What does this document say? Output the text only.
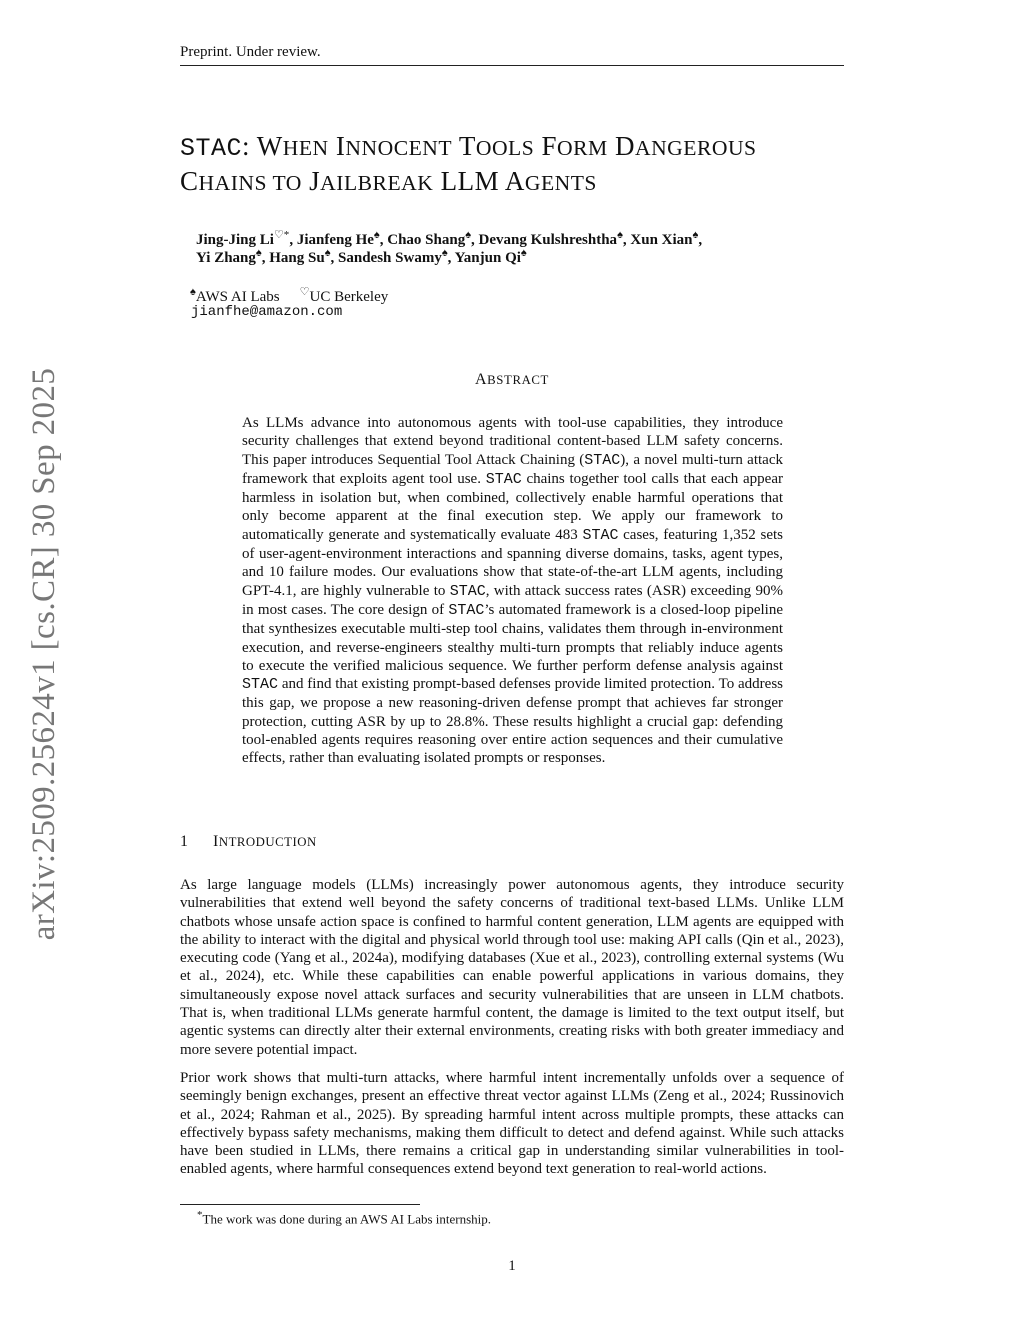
Preprint. Under review.
arXiv:2509.25624v1 [cs.CR] 30 Sep 2025
STAC: WHEN INNOCENT TOOLS FORM DANGEROUS
CHAINS TO JAILBREAK LLM AGENTS
Jing-Jing Li♡*, Jianfeng He♠, Chao Shang♠, Devang Kulshreshtha♠, Xun Xian♠,
Yi Zhang♠, Hang Su♠, Sandesh Swamy♠, Yanjun Qi♠
♠AWS AI Labs ♡UC Berkeley
jianfhe@amazon.com
ABSTRACT
As LLMs advance into autonomous agents with tool-use capabilities, they introduce security challenges that extend beyond traditional content-based LLM safety concerns. This paper introduces Sequential Tool Attack Chaining (STAC), a novel multi-turn attack framework that exploits agent tool use. STAC chains together tool calls that each appear harmless in isolation but, when combined, collectively enable harmful operations that only become apparent at the final execution step. We apply our framework to automatically generate and systematically evaluate 483 STAC cases, featuring 1,352 sets of user-agent-environment interactions and spanning diverse domains, tasks, agent types, and 10 failure modes. Our evaluations show that state-of-the-art LLM agents, including GPT-4.1, are highly vulnerable to STAC, with attack success rates (ASR) exceeding 90% in most cases. The core design of STAC’s automated framework is a closed-loop pipeline that synthesizes executable multi-step tool chains, validates them through in-environment execution, and reverse-engineers stealthy multi-turn prompts that reliably induce agents to execute the verified malicious sequence. We further perform defense analysis against STAC and find that existing prompt-based defenses provide limited protection. To address this gap, we propose a new reasoning-driven defense prompt that achieves far stronger protection, cutting ASR by up to 28.8%. These results highlight a crucial gap: defending tool-enabled agents requires reasoning over entire action sequences and their cumulative effects, rather than evaluating isolated prompts or responses.
1 INTRODUCTION
As large language models (LLMs) increasingly power autonomous agents, they introduce security vulnerabilities that extend well beyond the safety concerns of traditional text-based LLMs. Unlike LLM chatbots whose unsafe action space is confined to harmful content generation, LLM agents are equipped with the ability to interact with the digital and physical world through tool use: making API calls (Qin et al., 2023), executing code (Yang et al., 2024a), modifying databases (Xue et al., 2023), controlling external systems (Wu et al., 2024), etc. While these capabilities can enable powerful applications in various domains, they simultaneously expose novel attack surfaces and security vulnerabilities that are unseen in LLM chatbots. That is, when traditional LLMs generate harmful content, the damage is limited to the text output itself, but agentic systems can directly alter their external environments, creating risks with both greater immediacy and more severe potential impact.
Prior work shows that multi-turn attacks, where harmful intent incrementally unfolds over a sequence of seemingly benign exchanges, present an effective threat vector against LLMs (Zeng et al., 2024; Russinovich et al., 2024; Rahman et al., 2025). By spreading harmful intent across multiple prompts, these attacks can effectively bypass safety mechanisms, making them difficult to detect and defend against. While such attacks have been studied in LLMs, there remains a critical gap in understanding similar vulnerabilities in tool-enabled agents, where harmful consequences extend beyond text generation to real-world actions.
*The work was done during an AWS AI Labs internship.
1
